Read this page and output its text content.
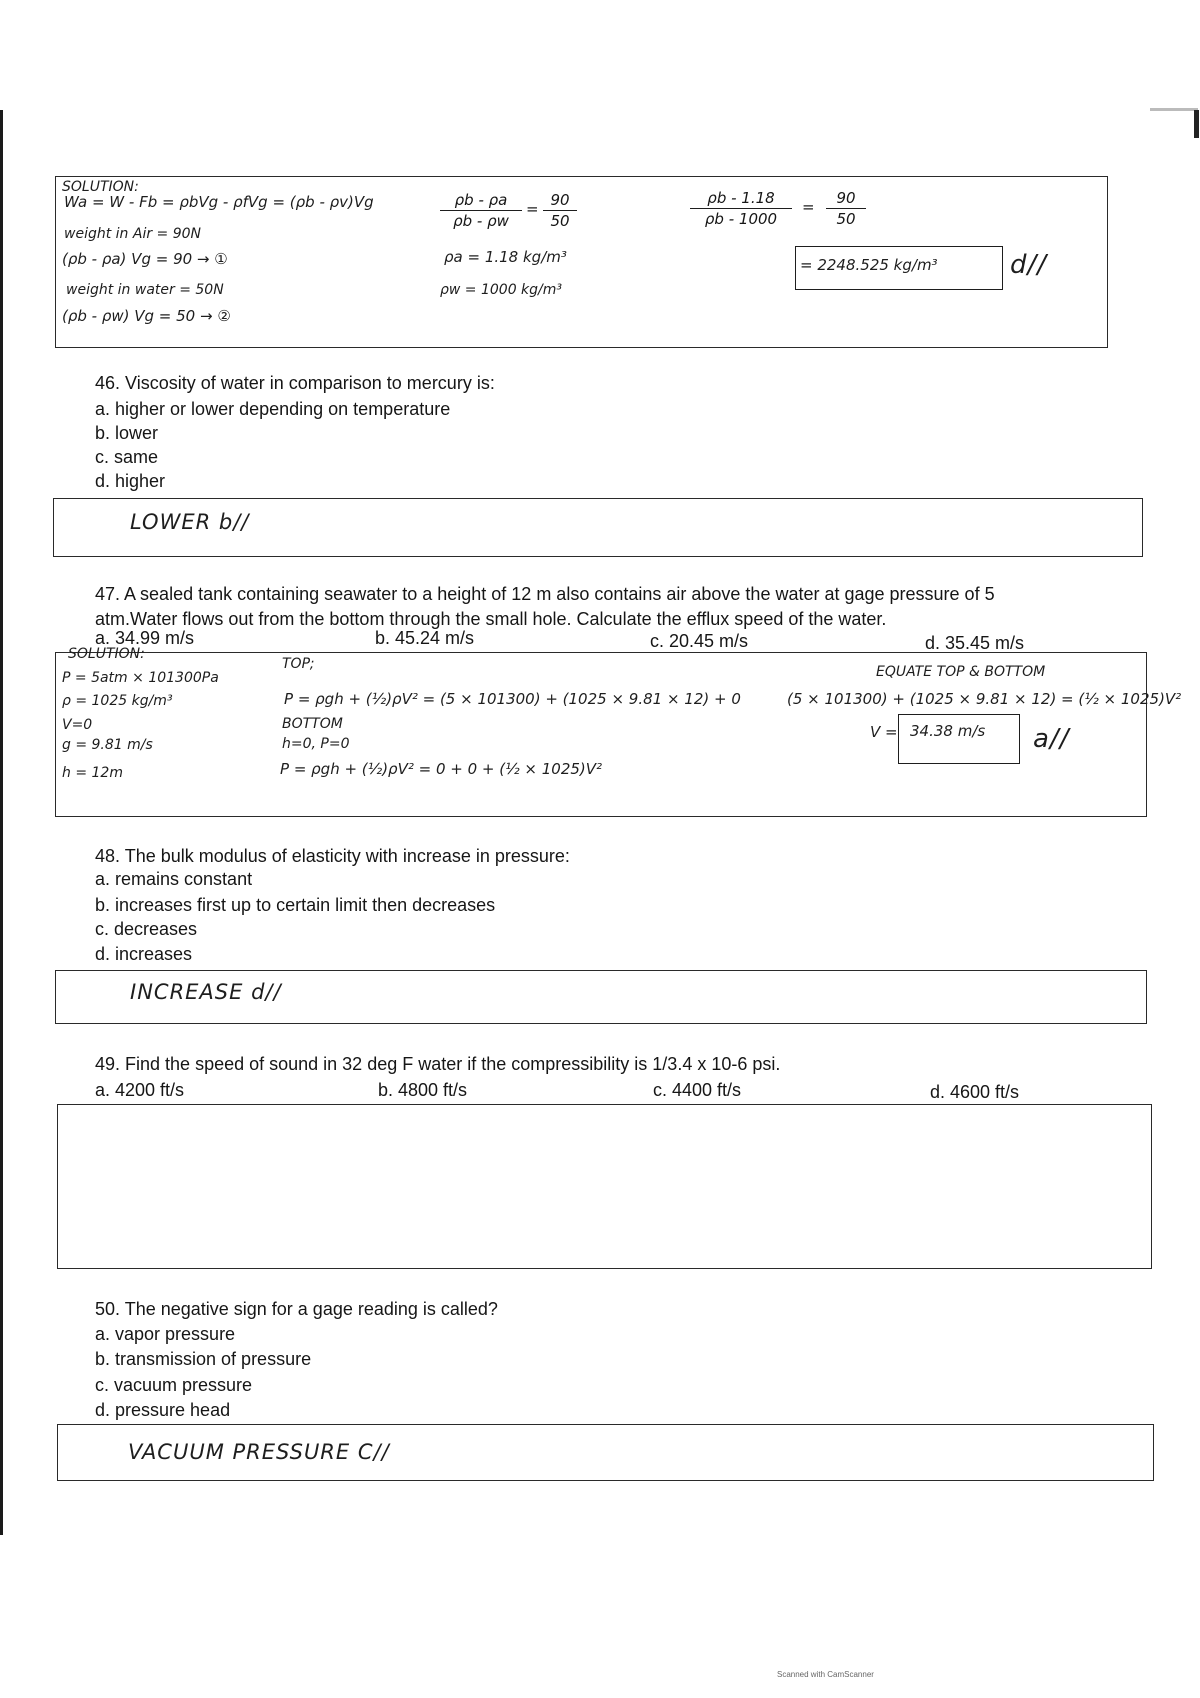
SOLUTION:
Wa = W - Fb = ρbVg - ρfVg = (ρb - ρv)Vg
weight in Air = 90N
(ρb - ρa) Vg = 90 → ①
weight in water = 50N
(ρb - ρw) Vg = 50 → ②
ρb - ρa
ρb - ρw
= 90
50
ρa = 1.18 kg/m³
ρw = 1000 kg/m³
ρb - 1.18
ρb - 1000
=	90
50
= 2248.525 kg/m³	d//
46. Viscosity of water in comparison to mercury is:
a. higher or lower depending on temperature
b. lower
c. same
d. higher
LOWER b//
47. A sealed tank containing seawater to a height of 12 m also contains air above the water at gage pressure of 5
atm.Water flows out from the bottom through the small hole. Calculate the efflux speed of the water.
a. 34.99 m/s	b. 45.24 m/s	c. 20.45 m/s	d. 35.45 m/s
SOLUTION:
P = 5atm × 101300Pa
ρ = 1025 kg/m³
V=0
g = 9.81 m/s
h = 12m
TOP;
P = ρgh + (½)ρV² = (5 × 101300) + (1025 × 9.81 × 12) + 0
BOTTOM
h=0, P=0
P = ρgh + (½)ρV² = 0 + 0 + (½ × 1025)V²
EQUATE TOP & BOTTOM
(5 × 101300) + (1025 × 9.81 × 12) = (½ × 1025)V²
V = 34.38 m/s a//
48. The bulk modulus of elasticity with increase in pressure:
a. remains constant
b. increases first up to certain limit then decreases
c. decreases
d. increases
INCREASE d//
49. Find the speed of sound in 32 deg F water if the compressibility is 1/3.4 x 10-6 psi.
a. 4200 ft/s	b. 4800 ft/s	c. 4400 ft/s	d. 4600 ft/s
50. The negative sign for a gage reading is called?
a. vapor pressure
b. transmission of pressure
c. vacuum pressure
d. pressure head
VACUUM PRESSURE C//
Scanned with CamScanner
